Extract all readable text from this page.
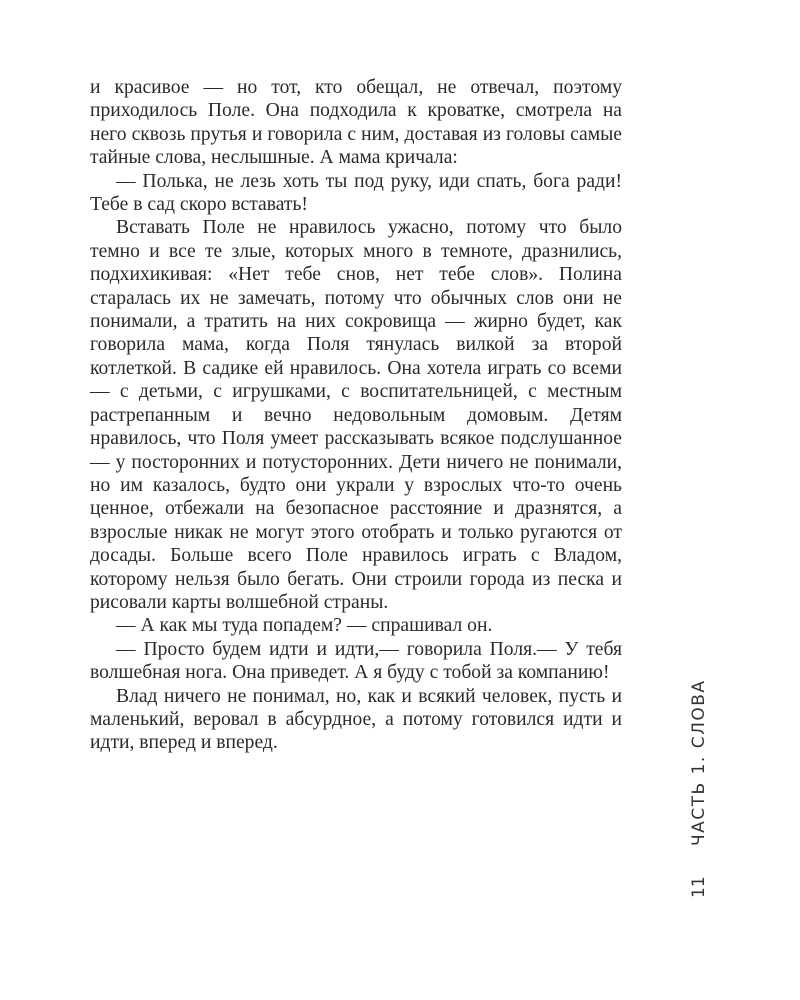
и красивое — но тот, кто обещал, не отвечал, поэтому приходилось Поле. Она подходила к кроватке, смотрела на него сквозь прутья и говорила с ним, доставая из головы самые тайные слова, неслышные. А мама кричала:

— Полька, не лезь хоть ты под руку, иди спать, бога ради! Тебе в сад скоро вставать!

Вставать Поле не нравилось ужасно, потому что было темно и все те злые, которых много в темноте, дразнились, подхихикивая: «Нет тебе снов, нет тебе слов». Полина старалась их не замечать, потому что обычных слов они не понимали, а тратить на них сокровища — жирно будет, как говорила мама, когда Поля тянулась вилкой за второй котлеткой. В садике ей нравилось. Она хотела играть со всеми — с детьми, с игрушками, с воспитательницей, с местным растрепанным и вечно недовольным домовым. Детям нравилось, что Поля умеет рассказывать всякое подслушанное — у посторонних и потусторонних. Дети ничего не понимали, но им казалось, будто они украли у взрослых что-то очень ценное, отбежали на безопасное расстояние и дразнятся, а взрослые никак не могут этого отобрать и только ругаются от досады. Больше всего Поле нравилось играть с Владом, которому нельзя было бегать. Они строили города из песка и рисовали карты волшебной страны.

— А как мы туда попадем? — спрашивал он.

— Просто будем идти и идти,— говорила Поля.— У тебя волшебная нога. Она приведет. А я буду с тобой за компанию!

Влад ничего не понимал, но, как и всякий человек, пусть и маленький, веровал в абсурдное, а потому готовился идти и идти, вперед и вперед.	ЧАСТЬ 1. СЛОВА
11
